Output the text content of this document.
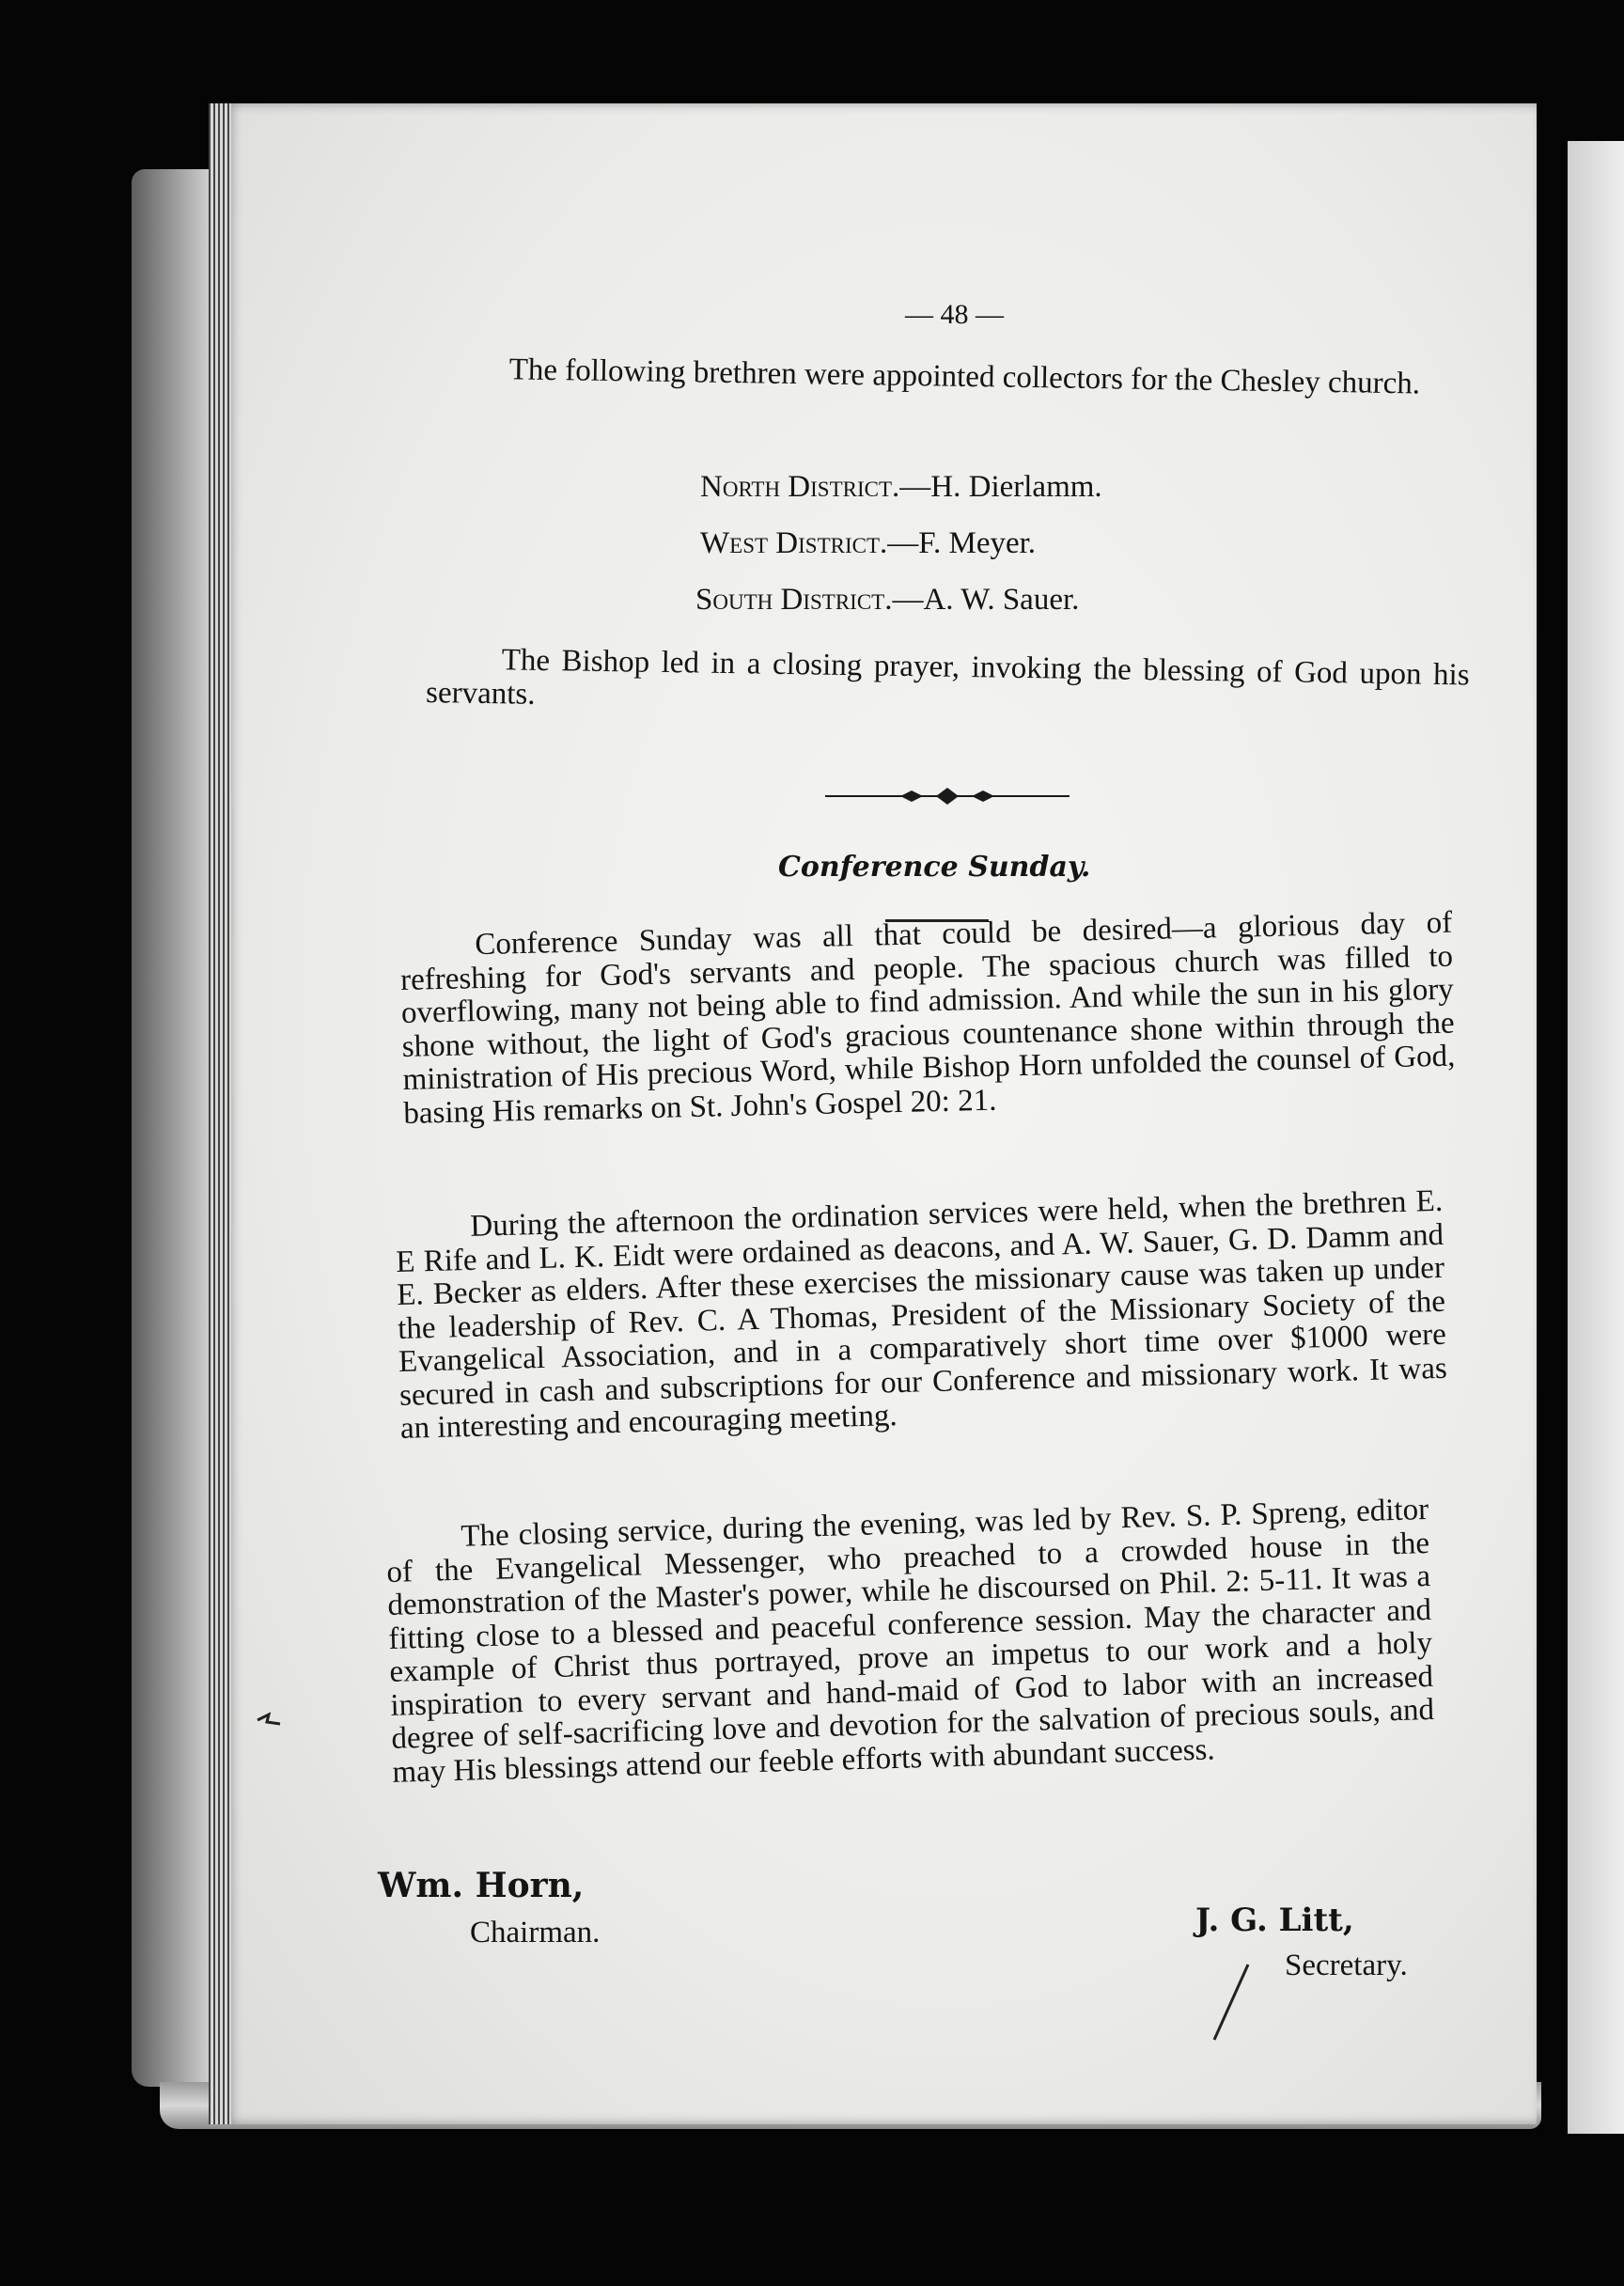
— 48 —
The following brethren were appointed collectors for the Chesley church.
North District.—H. Dierlamm.
West District.—F. Meyer.
South District.—A. W. Sauer.
The Bishop led in a closing prayer, invoking the blessing of God upon his servants.
Conference Sunday.
Conference Sunday was all that could be desired—a glorious day of refreshing for God's servants and people. The spacious church was filled to overflowing, many not being able to find admission. And while the sun in his glory shone without, the light of God's gracious countenance shone within through the ministration of His precious Word, while Bishop Horn unfolded the counsel of God, basing His remarks on St. John's Gospel 20: 21.
During the afternoon the ordination services were held, when the brethren E. E Rife and L. K. Eidt were ordained as deacons, and A. W. Sauer, G. D. Damm and E. Becker as elders. After these exercises the missionary cause was taken up under the leadership of Rev. C. A Thomas, President of the Missionary Society of the Evangelical Association, and in a comparatively short time over $1000 were secured in cash and subscriptions for our Conference and missionary work. It was an interesting and encouraging meeting.
The closing service, during the evening, was led by Rev. S. P. Spreng, editor of the Evangelical Messenger, who preached to a crowded house in the demonstration of the Master's power, while he discoursed on Phil. 2: 5-11. It was a fitting close to a blessed and peaceful conference session. May the character and example of Christ thus portrayed, prove an impetus to our work and a holy inspiration to every servant and hand-maid of God to labor with an increased degree of self-sacrificing love and devotion for the salvation of precious souls, and may His blessings attend our feeble efforts with abundant success.
Wm. Horn,
Chairman.	J. G. Litt,
Secretary.
